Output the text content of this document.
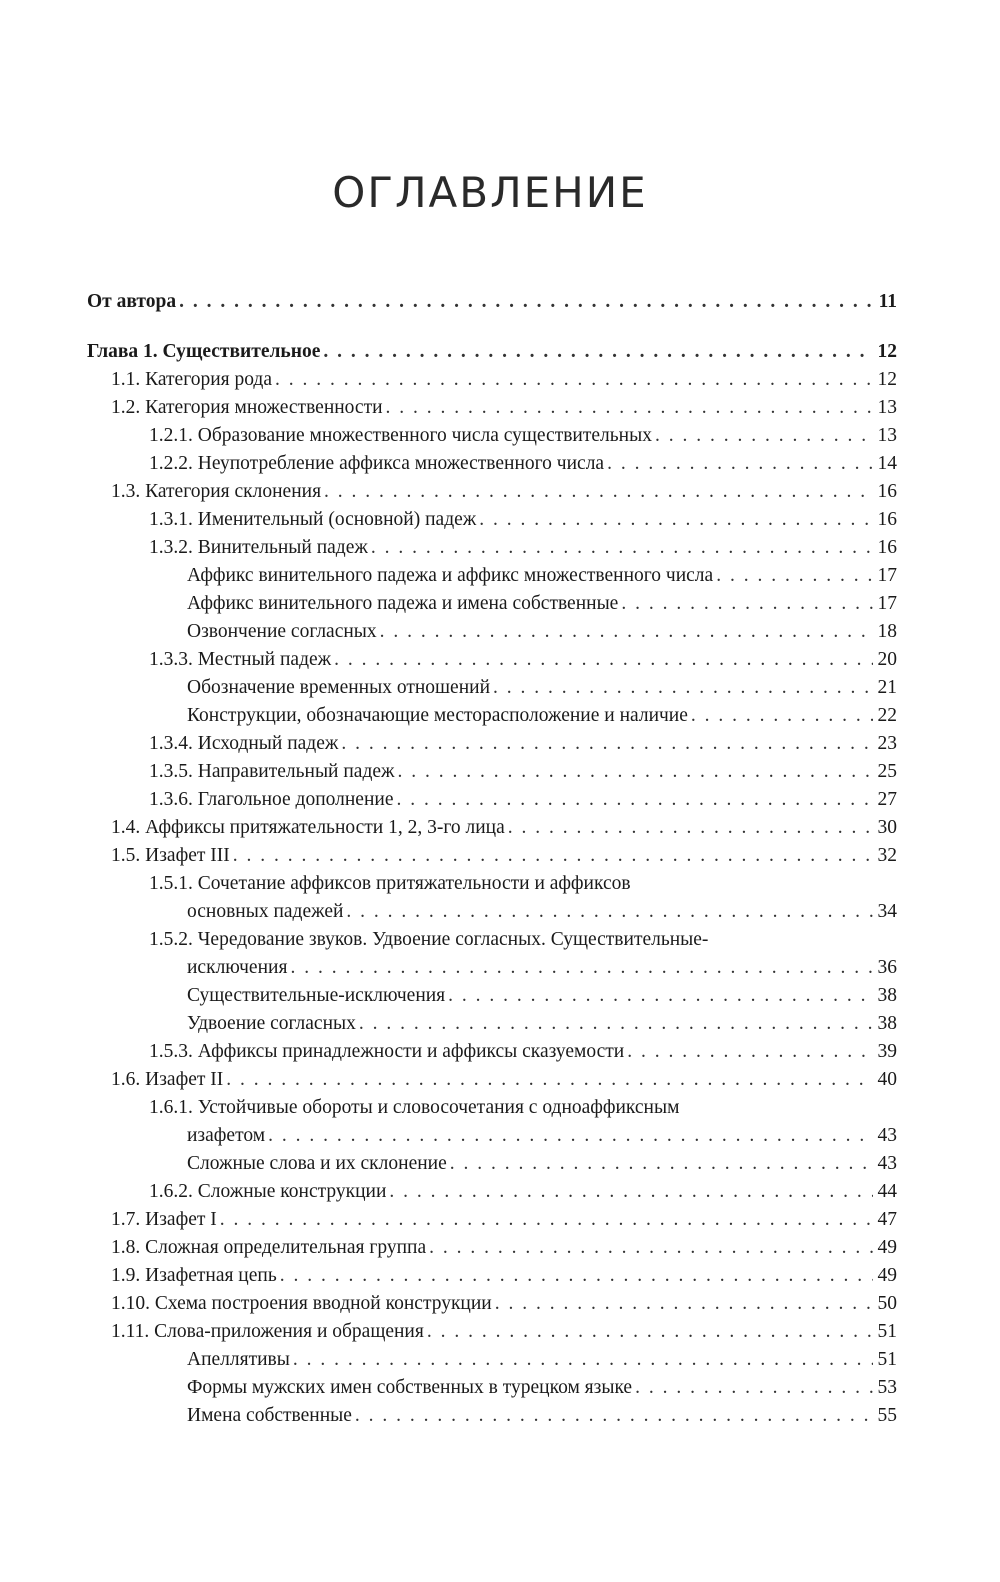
ОГЛАВЛЕНИЕ
От автора . . .	11
Глава 1. Существительное . . .	12
1.1. Категория рода . . .	12
1.2. Категория множественности . . .	13
1.2.1. Образование множественного числа существительных . . .	13
1.2.2. Неупотребление аффикса множественного числа . . .	14
1.3. Категория склонения . . .	16
1.3.1. Именительный (основной) падеж . . .	16
1.3.2. Винительный падеж . . .	16
Аффикс винительного падежа и аффикс множественного числа . . .	17
Аффикс винительного падежа и имена собственные . . .	17
Озвончение согласных . . .	18
1.3.3. Местный падеж . . .	20
Обозначение временных отношений . . .	21
Конструкции, обозначающие месторасположение и наличие . . .	22
1.3.4. Исходный падеж . . .	23
1.3.5. Направительный падеж . . .	25
1.3.6. Глагольное дополнение . . .	27
1.4. Аффиксы притяжательности 1, 2, 3-го лица . . .	30
1.5. Изафет III . . .	32
1.5.1. Сочетание аффиксов притяжательности и аффиксов
основных падежей . . .	34
1.5.2. Чередование звуков. Удвоение согласных. Существительные-
исключения . . .	36
Существительные-исключения . . .	38
Удвоение согласных . . .	38
1.5.3. Аффиксы принадлежности и аффиксы сказуемости . . .	39
1.6. Изафет II . . .	40
1.6.1. Устойчивые обороты и словосочетания с одноаффиксным
изафетом . . .	43
Сложные слова и их склонение . . .	43
1.6.2. Сложные конструкции . . .	44
1.7. Изафет I . . .	47
1.8. Сложная определительная группа . . .	49
1.9. Изафетная цепь . . .	49
1.10. Схема построения вводной конструкции . . .	50
1.11. Слова-приложения и обращения . . .	51
Апеллятивы . . .	51
Формы мужских имен собственных в турецком языке . . .	53
Имена собственные . . .	55
